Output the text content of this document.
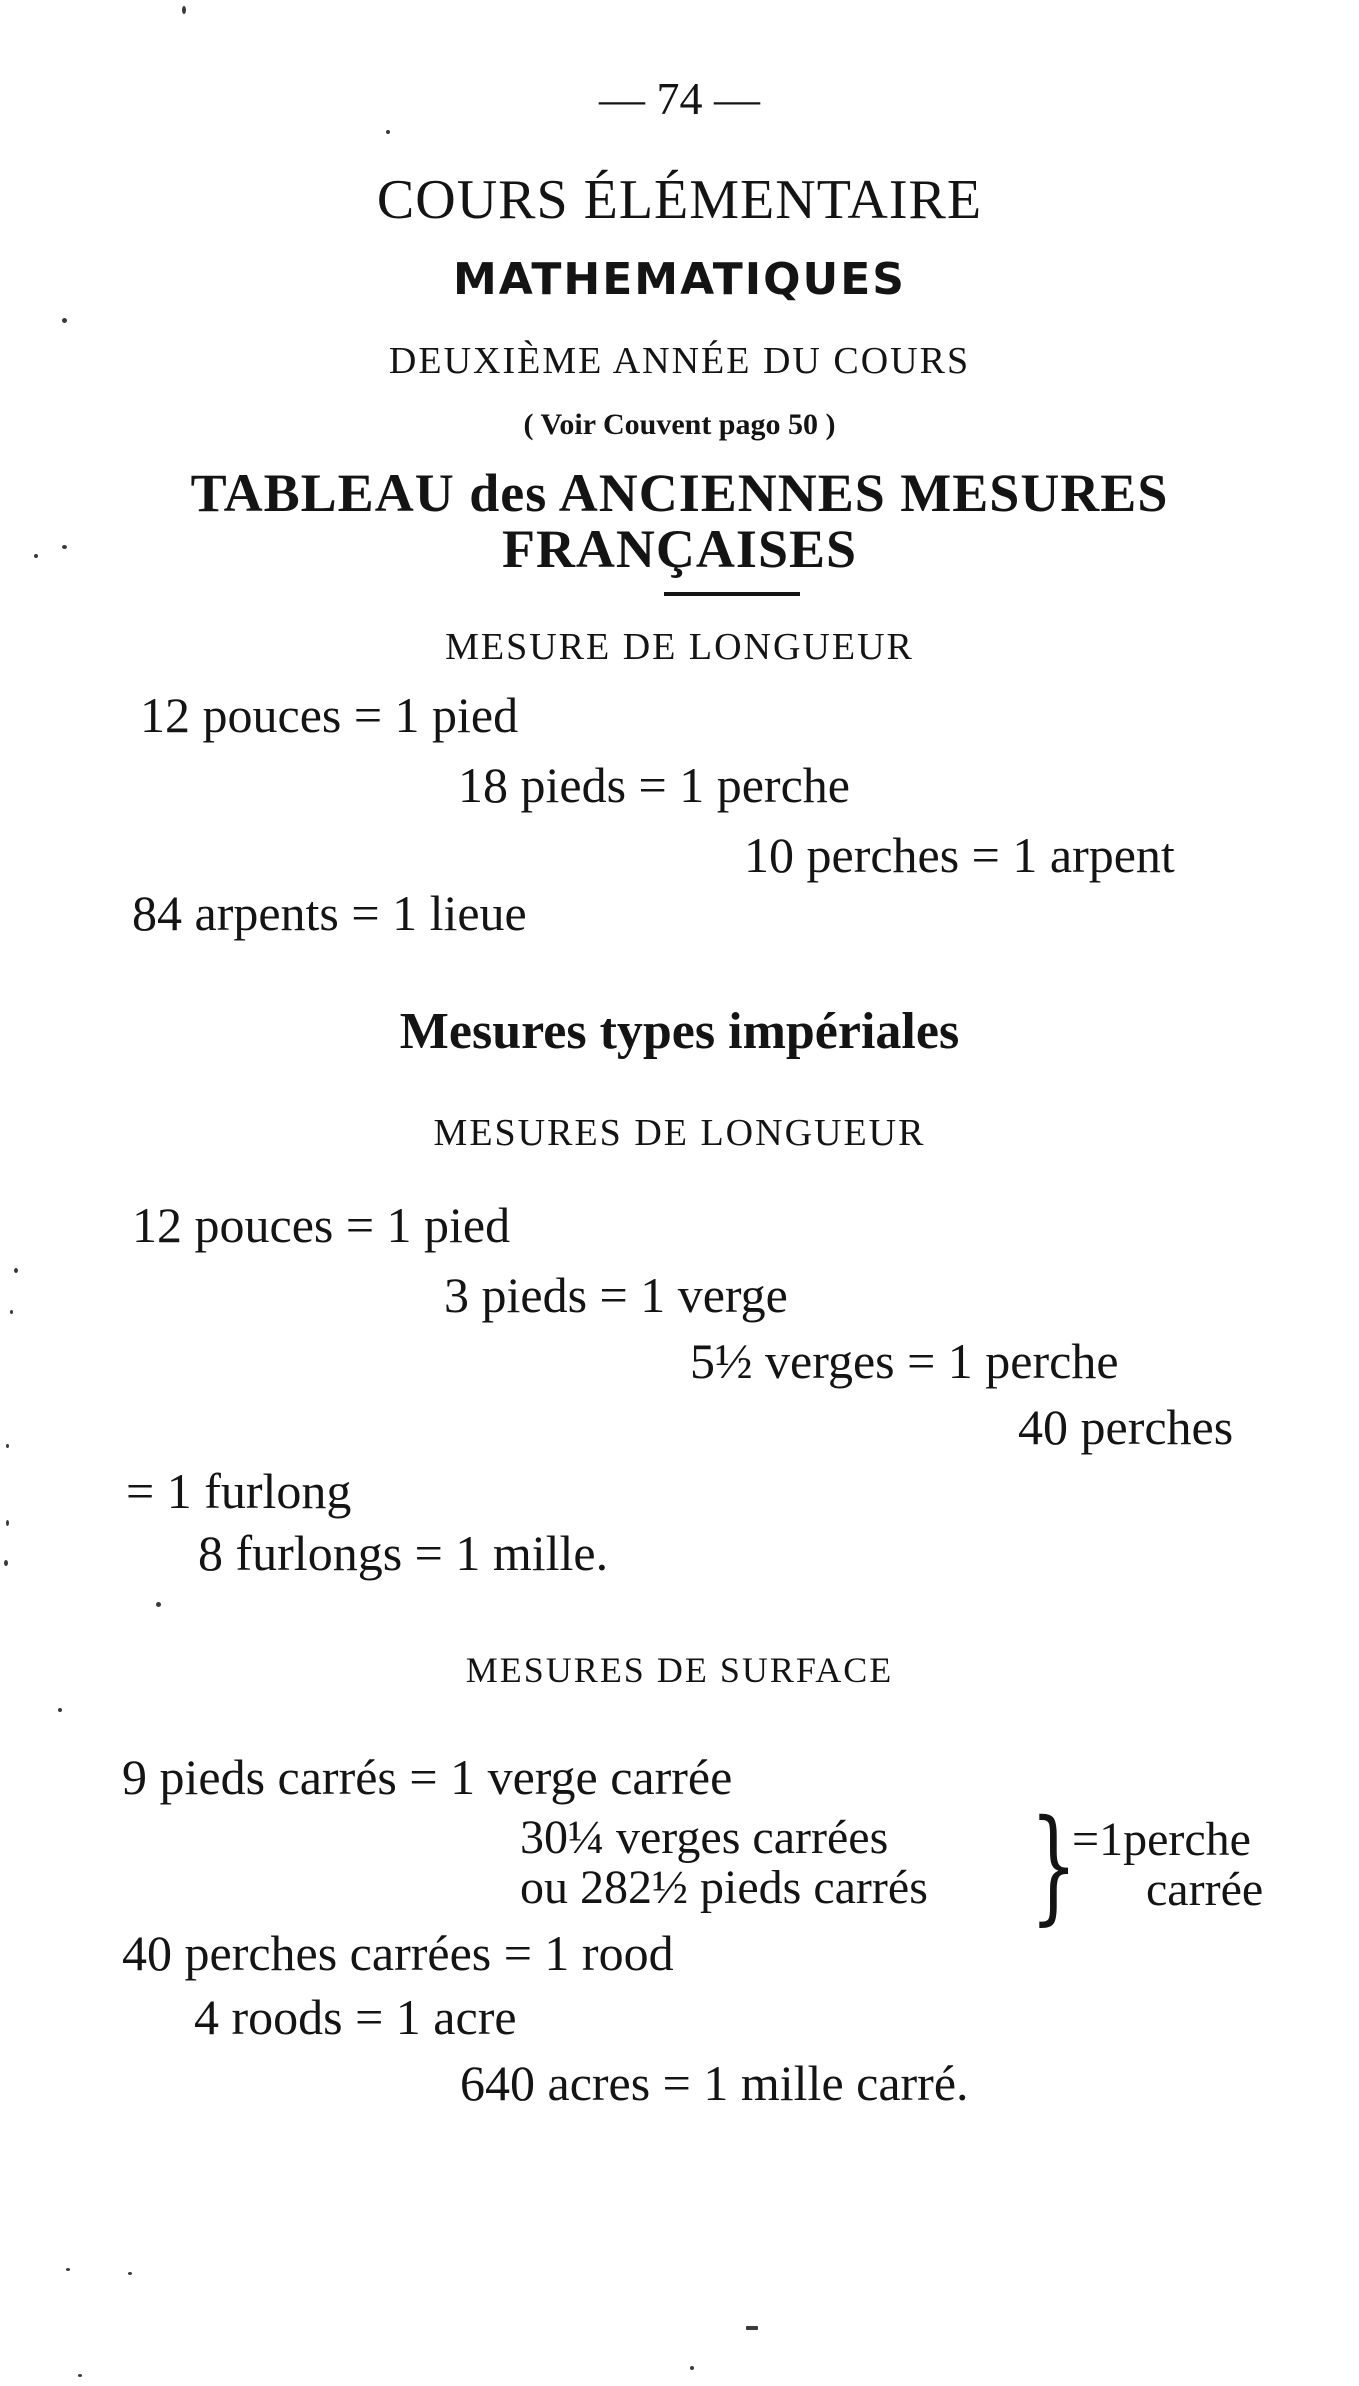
— 74 —
COURS ÉLÉMENTAIRE
MATHEMATIQUES
DEUXIÈME ANNÉE DU COURS
( Voir Couvent pago 50 )
TABLEAU des ANCIENNES MESURES
FRANÇAISES
MESURE DE LONGUEUR
12 pouces = 1 pied
18 pieds = 1 perche
10 perches = 1 arpent
84 arpents = 1 lieue
Mesures types impériales
MESURES DE LONGUEUR
12 pouces = 1 pied
3 pieds = 1 verge
5½ verges = 1 perche
40 perches
= 1 furlong
8 furlongs = 1 mille.
MESURES DE SURFACE
9 pieds carrés = 1 verge carrée
30¼ verges carrées
ou 282½ pieds carrés }
=1perche
carrée
40 perches carrées = 1 rood
4 roods = 1 acre
640 acres = 1 mille carré.
